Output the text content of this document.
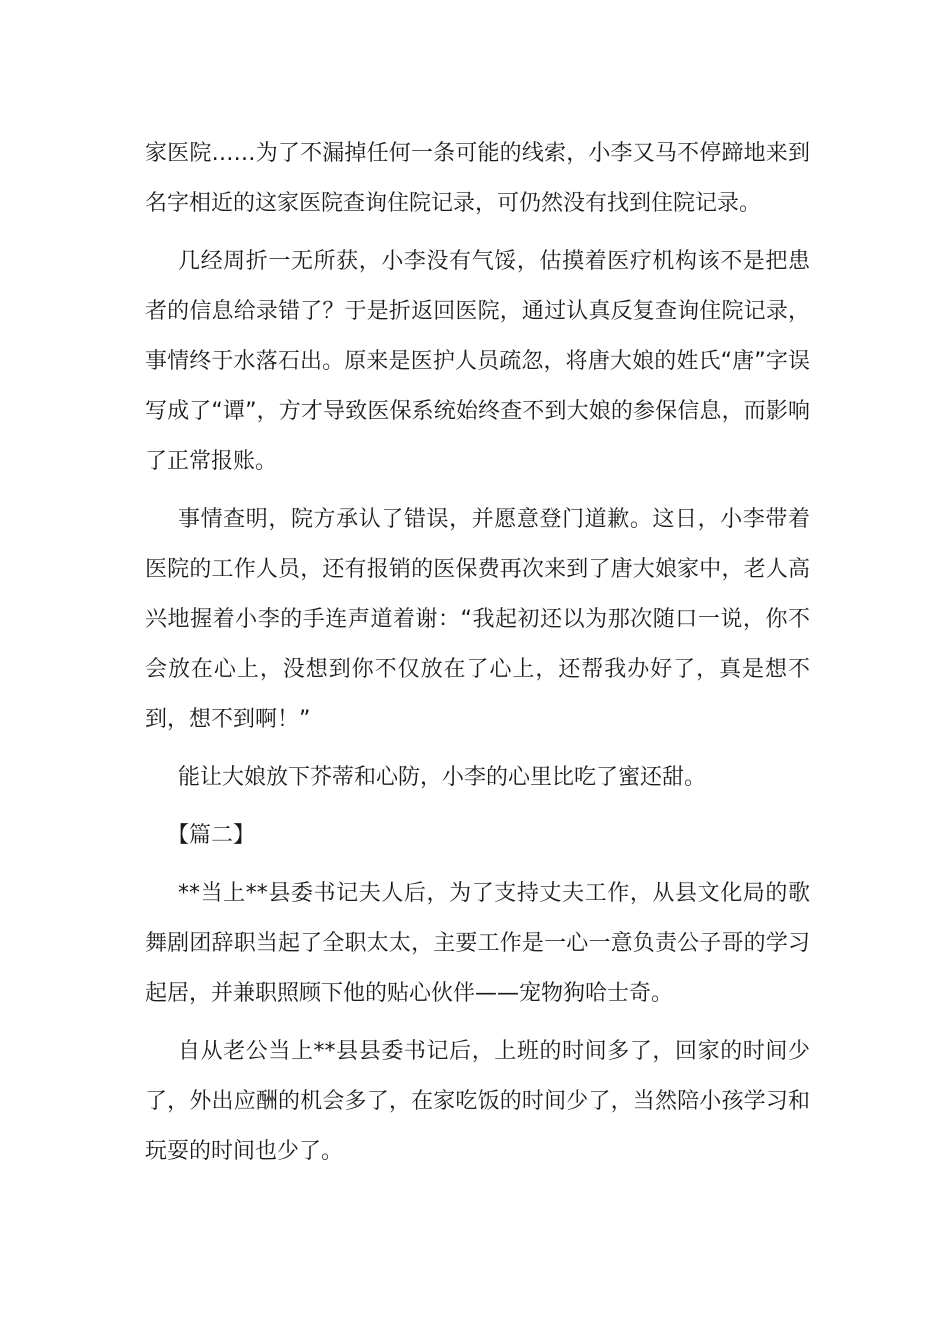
家医院……为了不漏掉任何一条可能的线索，小李又马不停蹄地来到名字相近的这家医院查询住院记录，可仍然没有找到住院记录。

几经周折一无所获，小李没有气馁，估摸着医疗机构该不是把患者的信息给录错了？于是折返回医院，通过认真反复查询住院记录，事情终于水落石出。原来是医护人员疏忽，将唐大娘的姓氏“唐”字误写成了“谭”，方才导致医保系统始终查不到大娘的参保信息，而影响了正常报账。

事情查明，院方承认了错误，并愿意登门道歉。这日，小李带着医院的工作人员，还有报销的医保费再次来到了唐大娘家中，老人高兴地握着小李的手连声道着谢：“我起初还以为那次随口一说，你不会放在心上，没想到你不仅放在了心上，还帮我办好了，真是想不到，想不到啊！”

能让大娘放下芥蒂和心防，小李的心里比吃了蜜还甜。

【篇二】

**当上**县委书记夫人后，为了支持丈夫工作，从县文化局的歌舞剧团辞职当起了全职太太，主要工作是一心一意负责公子哥的学习起居，并兼职照顾下他的贴心伙伴——宠物狗哈士奇。

自从老公当上**县县委书记后，上班的时间多了，回家的时间少了，外出应酬的机会多了，在家吃饭的时间少了，当然陪小孩学习和玩耍的时间也少了。
